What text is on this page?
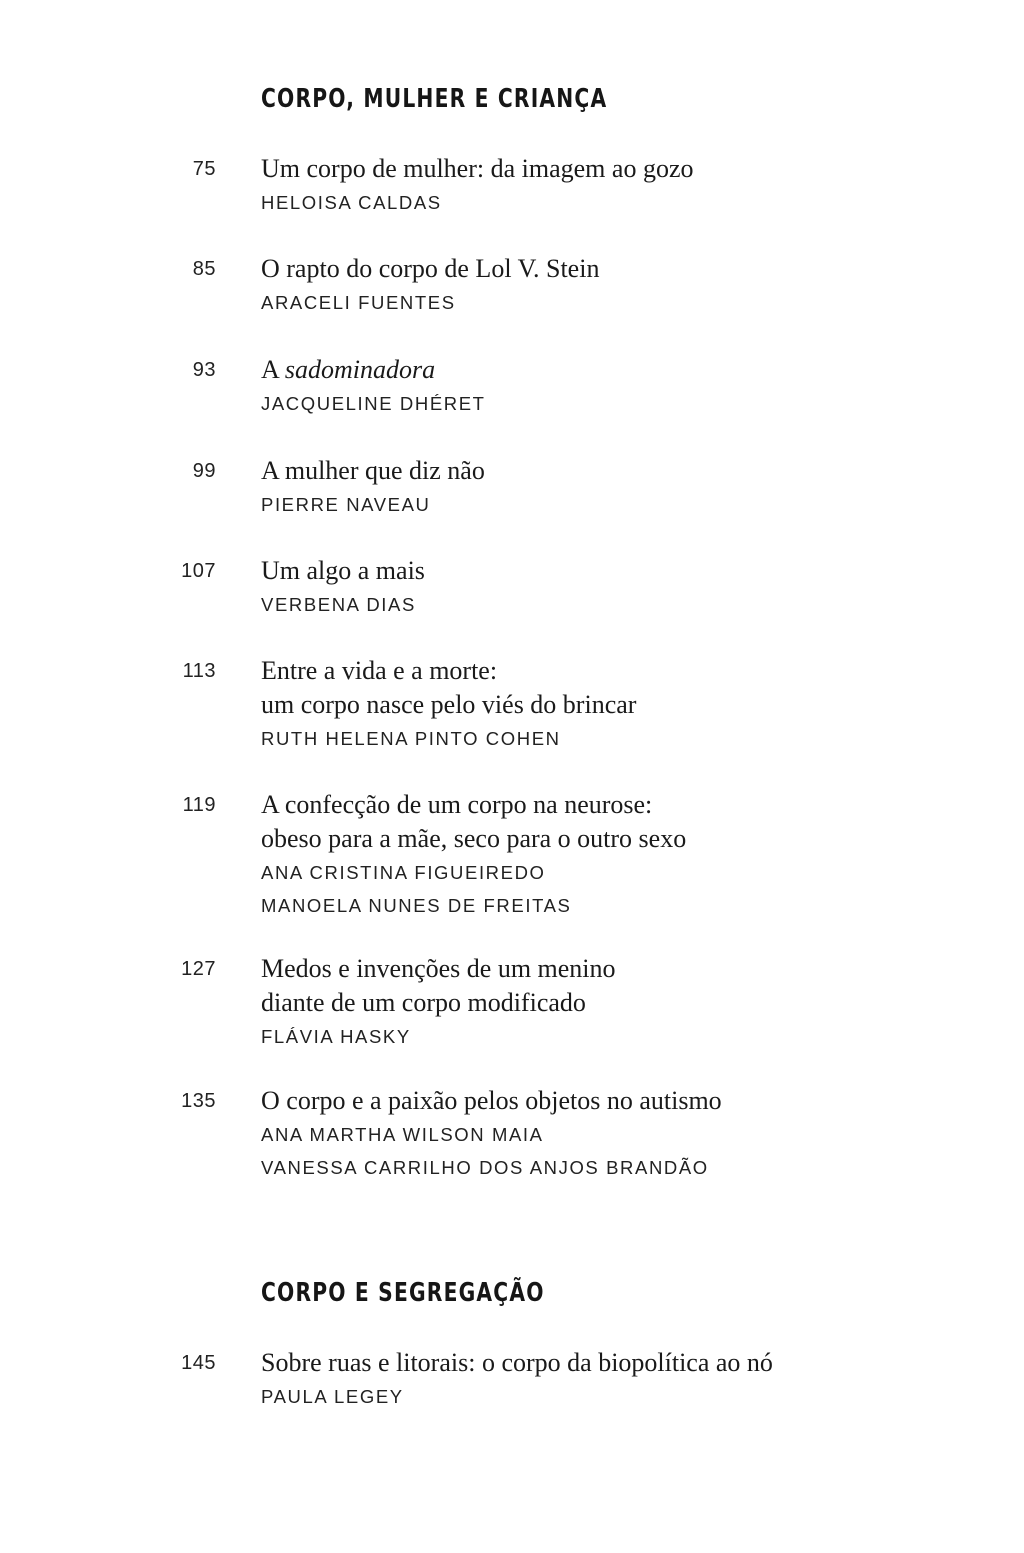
CORPO, MULHER E CRIANÇA
75 Um corpo de mulher: da imagem ao gozo
HELOISA CALDAS
85 O rapto do corpo de Lol V. Stein
ARACELI FUENTES
93 A sadominadora
JACQUELINE DHÉRET
99 A mulher que diz não
PIERRE NAVEAU
107 Um algo a mais
VERBENA DIAS
113 Entre a vida e a morte:
um corpo nasce pelo viés do brincar
RUTH HELENA PINTO COHEN
119 A confecção de um corpo na neurose:
obeso para a mãe, seco para o outro sexo
ANA CRISTINA FIGUEIREDO
MANOELA NUNES DE FREITAS
127 Medos e invenções de um menino
diante de um corpo modificado
FLÁVIA HASKY
135 O corpo e a paixão pelos objetos no autismo
ANA MARTHA WILSON MAIA
VANESSA CARRILHO DOS ANJOS BRANDÃO
CORPO E SEGREGAÇÃO
145 Sobre ruas e litorais: o corpo da biopolítica ao nó
PAULA LEGEY
